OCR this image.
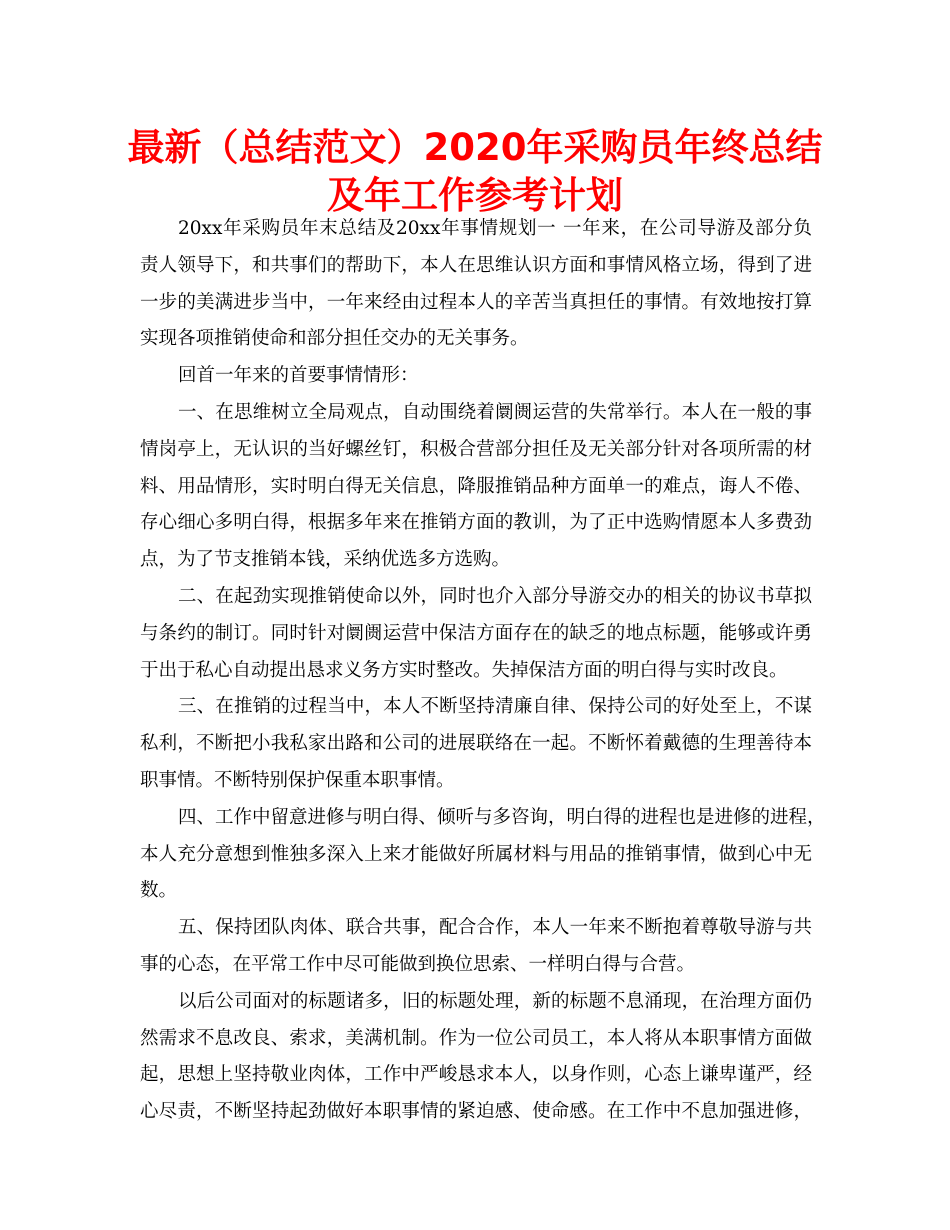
最新（总结范文）2020年采购员年终总结
及年工作参考计划
20xx年采购员年末总结及20xx年事情规划一 一年来，在公司导游及部分负
责人领导下，和共事们的帮助下，本人在思维认识方面和事情风格立场，得到了进
一步的美满进步当中，一年来经由过程本人的辛苦当真担任的事情。有效地按打算
实现各项推销使命和部分担任交办的无关事务。
回首一年来的首要事情情形：
一、在思维树立全局观点，自动围绕着阛阓运营的失常举行。本人在一般的事
情岗亭上，无认识的当好螺丝钉，积极合营部分担任及无关部分针对各项所需的材
料、用品情形，实时明白得无关信息，降服推销品种方面单一的难点，诲人不倦、
存心细心多明白得，根据多年来在推销方面的教训，为了正中选购情愿本人多费劲
点，为了节支推销本钱，采纳优选多方选购。
二、在起劲实现推销使命以外，同时也介入部分导游交办的相关的协议书草拟
与条约的制订。同时针对阛阓运营中保洁方面存在的缺乏的地点标题，能够或许勇
于出于私心自动提出恳求义务方实时整改。失掉保洁方面的明白得与实时改良。
三、在推销的过程当中，本人不断坚持清廉自律、保持公司的好处至上，不谋
私利，不断把小我私家出路和公司的进展联络在一起。不断怀着戴德的生理善待本
职事情。不断特别保护保重本职事情。
四、工作中留意进修与明白得、倾听与多咨询，明白得的进程也是进修的进程，
本人充分意想到惟独多深入上来才能做好所属材料与用品的推销事情，做到心中无
数。
五、保持团队肉体、联合共事，配合合作，本人一年来不断抱着尊敬导游与共
事的心态，在平常工作中尽可能做到换位思索、一样明白得与合营。
以后公司面对的标题诸多，旧的标题处理，新的标题不息涌现，在治理方面仍
然需求不息改良、索求，美满机制。作为一位公司员工，本人将从本职事情方面做
起，思想上坚持敬业肉体，工作中严峻恳求本人，以身作则，心态上谦卑谨严，经
心尽责，不断坚持起劲做好本职事情的紧迫感、使命感。在工作中不息加强进修，
